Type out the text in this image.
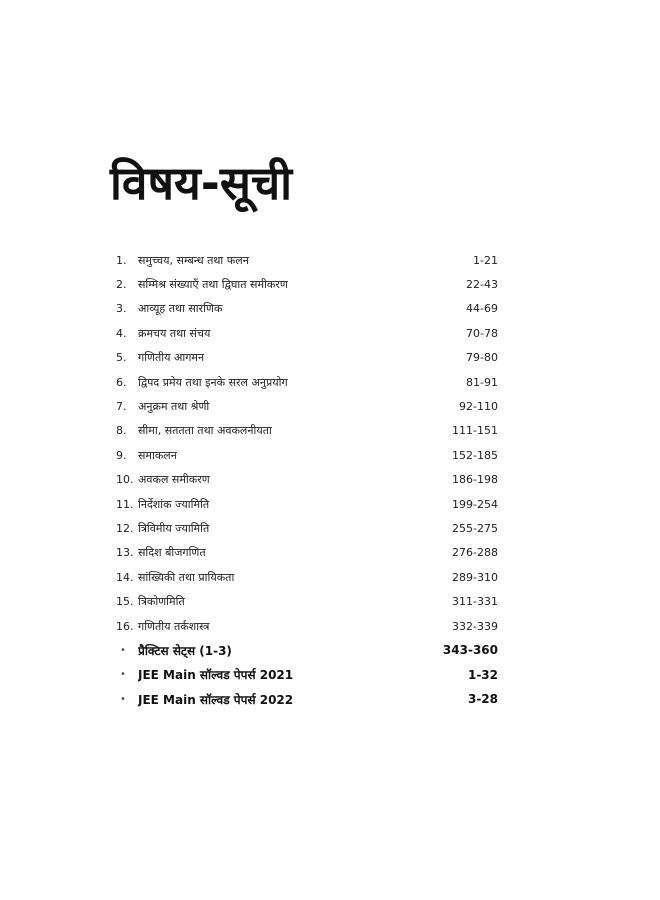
विषय-सूची
1.	समुच्चय, सम्बन्ध तथा फलन	1-21
2.	सम्मिश्र संख्याएँ तथा द्विघात समीकरण	22-43
3.	आव्यूह तथा सारणिक	44-69
4.	क्रमचय तथा संचय	70-78
5.	गणितीय आगमन	79-80
6.	द्विपद प्रमेय तथा इनके सरल अनुप्रयोग	81-91
7.	अनुक्रम तथा श्रेणी	92-110
8.	सीमा, सततता तथा अवकलनीयता	111-151
9.	समाकलन	152-185
10. अवकल समीकरण	186-198
11. निर्देशांक ज्यामिति	199-254
12. त्रिविमीय ज्यामिति	255-275
13. सदिश बीजगणित	276-288
14. सांख्यिकी तथा प्रायिकता	289-310
15. त्रिकोणमिति	311-331
16. गणितीय तर्कशास्त्र	332-339
•	प्रैक्टिस सेट्स (1-3)	343-360
•	JEE Main सॉल्वड पेपर्स 2021	1-32
•	JEE Main सॉल्वड पेपर्स 2022	3-28
